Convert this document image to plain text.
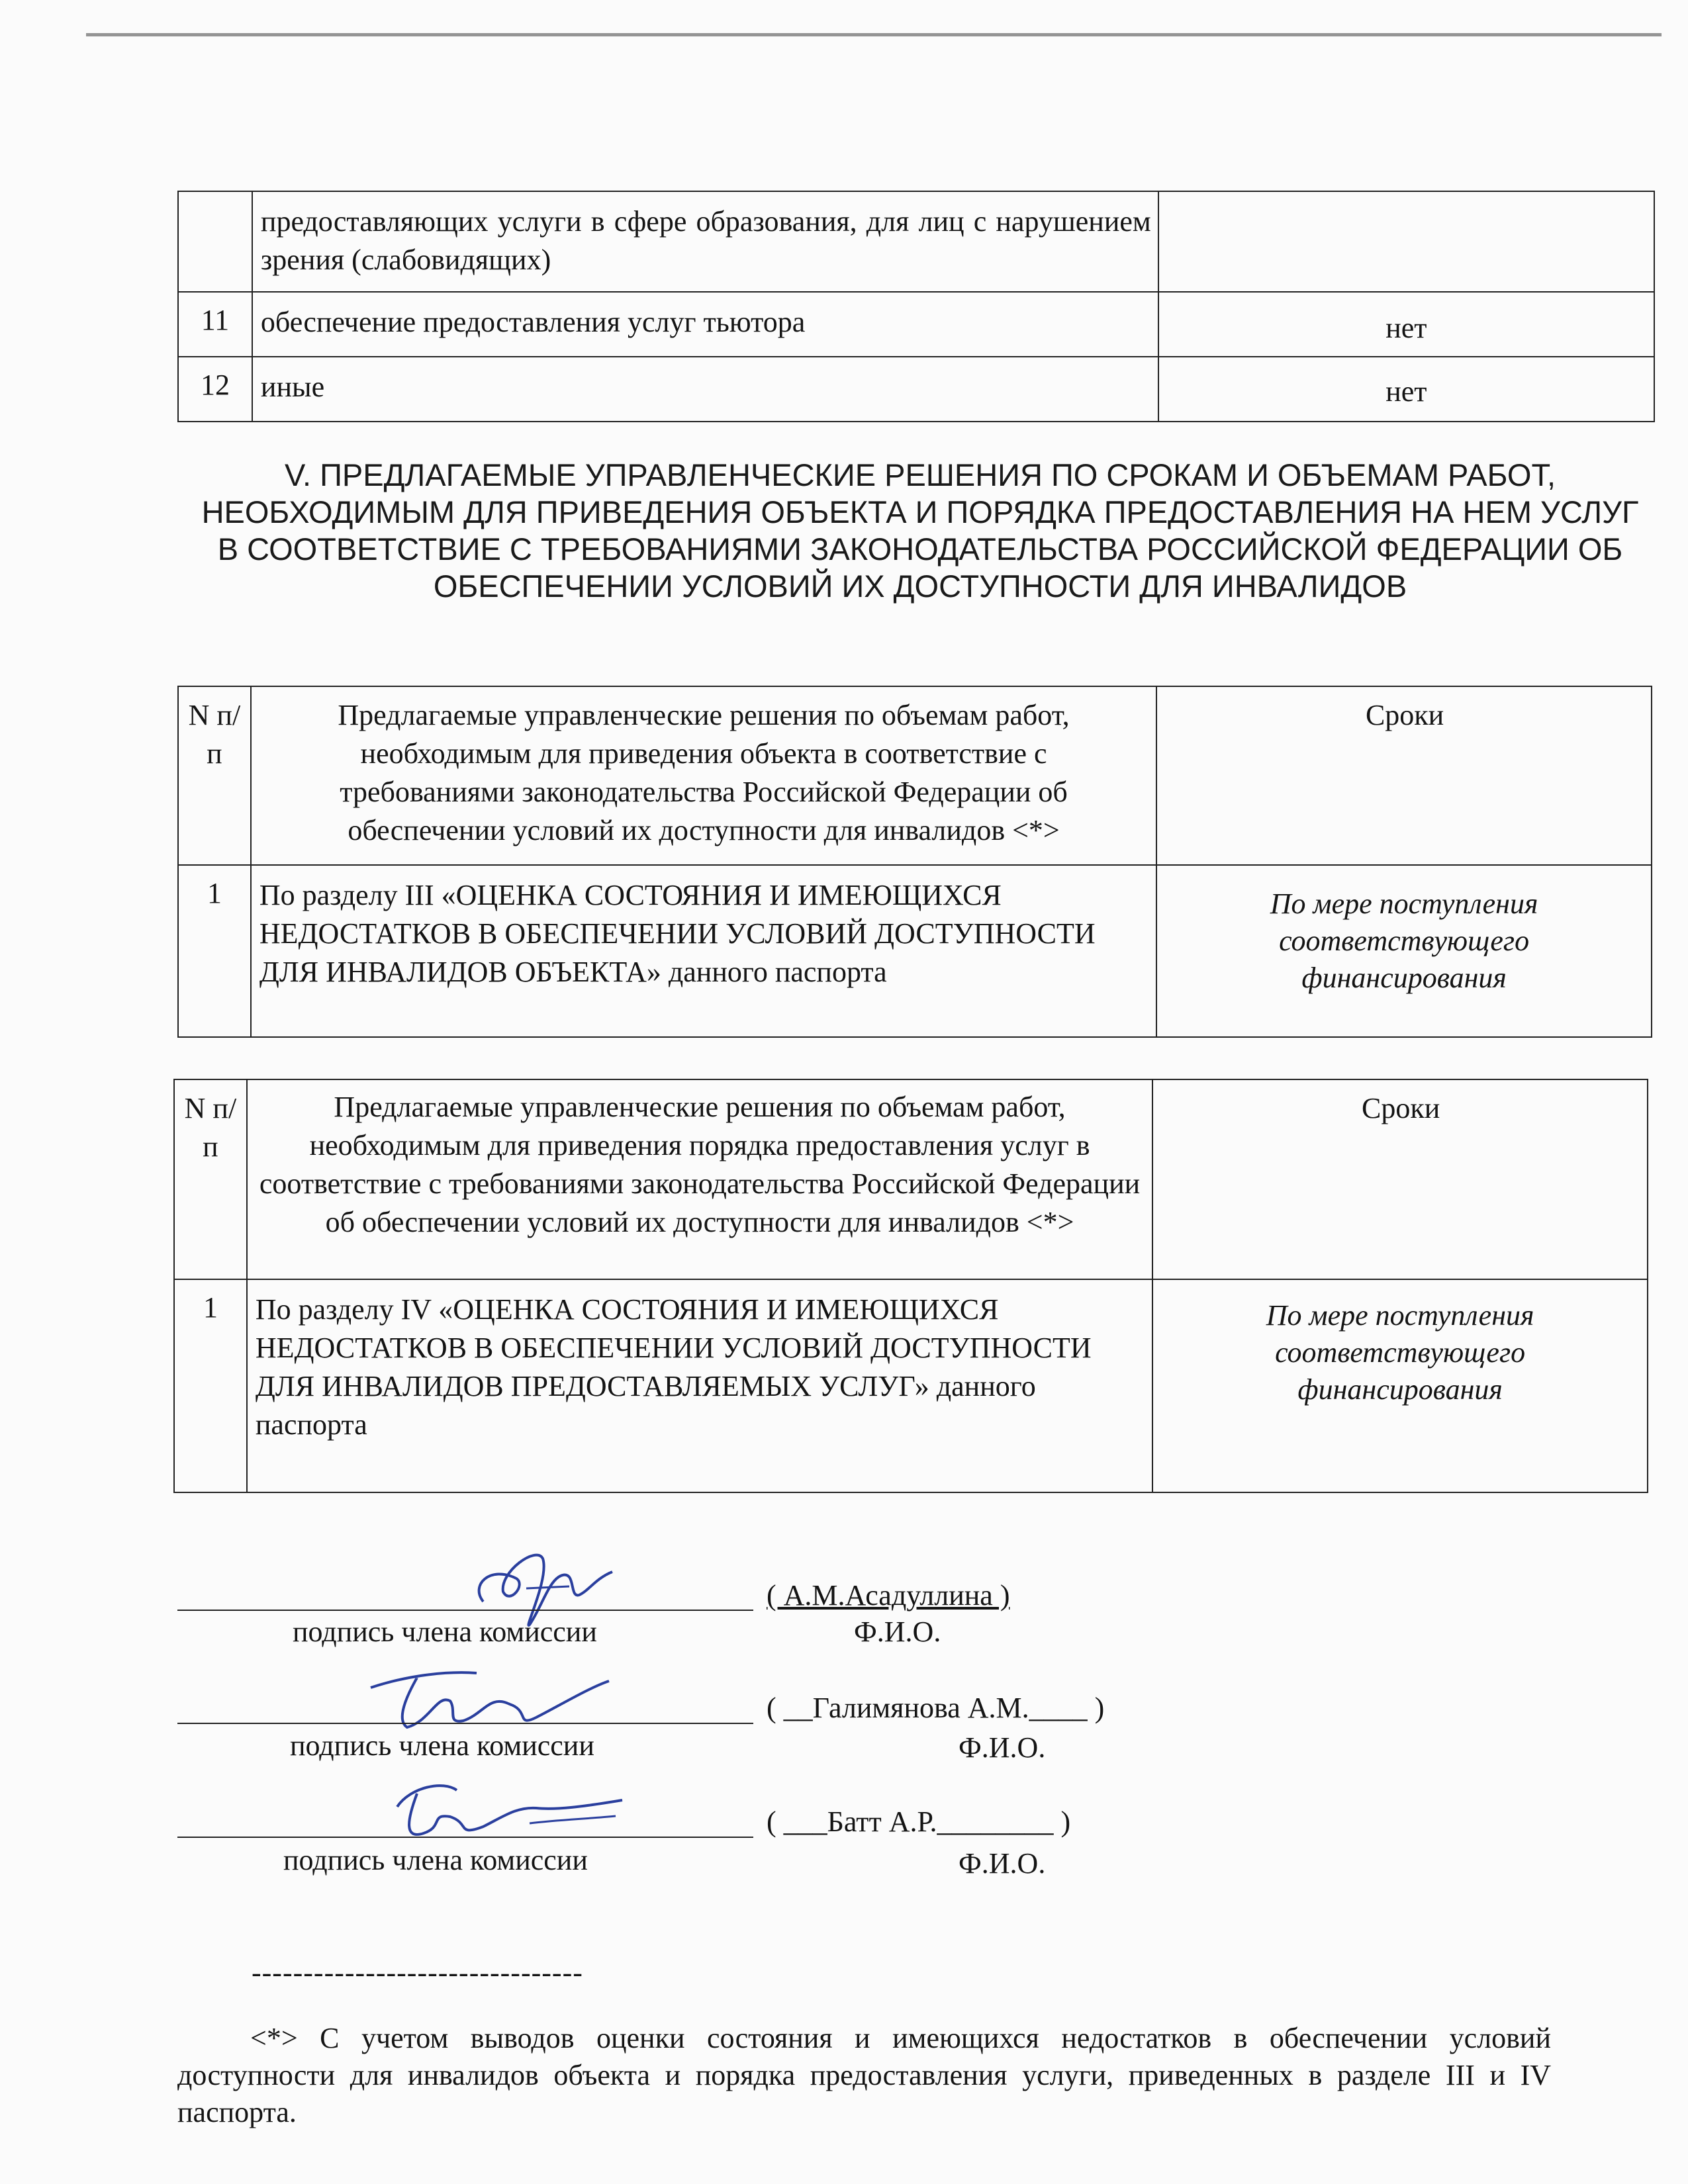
	предоставляющих услуги в сфере образования, для лиц с нарушением зрения (слабовидящих)	
11	обеспечение предоставления услуг тьютора	нет
12	иные	нет
V. ПРЕДЛАГАЕМЫЕ УПРАВЛЕНЧЕСКИЕ РЕШЕНИЯ ПО СРОКАМ И ОБЪЕМАМ РАБОТ, НЕОБХОДИМЫМ ДЛЯ ПРИВЕДЕНИЯ ОБЪЕКТА И ПОРЯДКА ПРЕДОСТАВЛЕНИЯ НА НЕМ УСЛУГ В СООТВЕТСТВИЕ С ТРЕБОВАНИЯМИ ЗАКОНОДАТЕЛЬСТВА РОССИЙСКОЙ ФЕДЕРАЦИИ ОБ ОБЕСПЕЧЕНИИ УСЛОВИЙ ИХ ДОСТУПНОСТИ ДЛЯ ИНВАЛИДОВ
N п/п	Предлагаемые управленческие решения по объемам работ, необходимым для приведения объекта в соответствие с требованиями законодательства Российской Федерации об обеспечении условий их доступности для инвалидов <*>	Сроки
1	По разделу III «ОЦЕНКА СОСТОЯНИЯ И ИМЕЮЩИХСЯ НЕДОСТАТКОВ В ОБЕСПЕЧЕНИИ УСЛОВИЙ ДОСТУПНОСТИ ДЛЯ ИНВАЛИДОВ ОБЪЕКТА» данного паспорта	По мере поступления соответствующего финансирования
N п/п	Предлагаемые управленческие решения по объемам работ, необходимым для приведения порядка предоставления услуг в соответствие с требованиями законодательства Российской Федерации об обеспечении условий их доступности для инвалидов <*>	Сроки
1	По разделу IV «ОЦЕНКА СОСТОЯНИЯ И ИМЕЮЩИХСЯ НЕДОСТАТКОВ В ОБЕСПЕЧЕНИИ УСЛОВИЙ ДОСТУПНОСТИ ДЛЯ ИНВАЛИДОВ ПРЕДОСТАВЛЯЕМЫХ УСЛУГ» данного паспорта	По мере поступления соответствующего финансирования
подпись члена комиссии
( А.М.Асадуллина )
Ф.И.О.
подпись члена комиссии
( __Галимянова А.М.____ )
Ф.И.О.
подпись члена комиссии
( ___Батт А.Р.________ )
Ф.И.О.
--------------------------------
<*> С учетом выводов оценки состояния и имеющихся недостатков в обеспечении условий доступности для инвалидов объекта и порядка предоставления услуги, приведенных в разделе III и IV паспорта.
